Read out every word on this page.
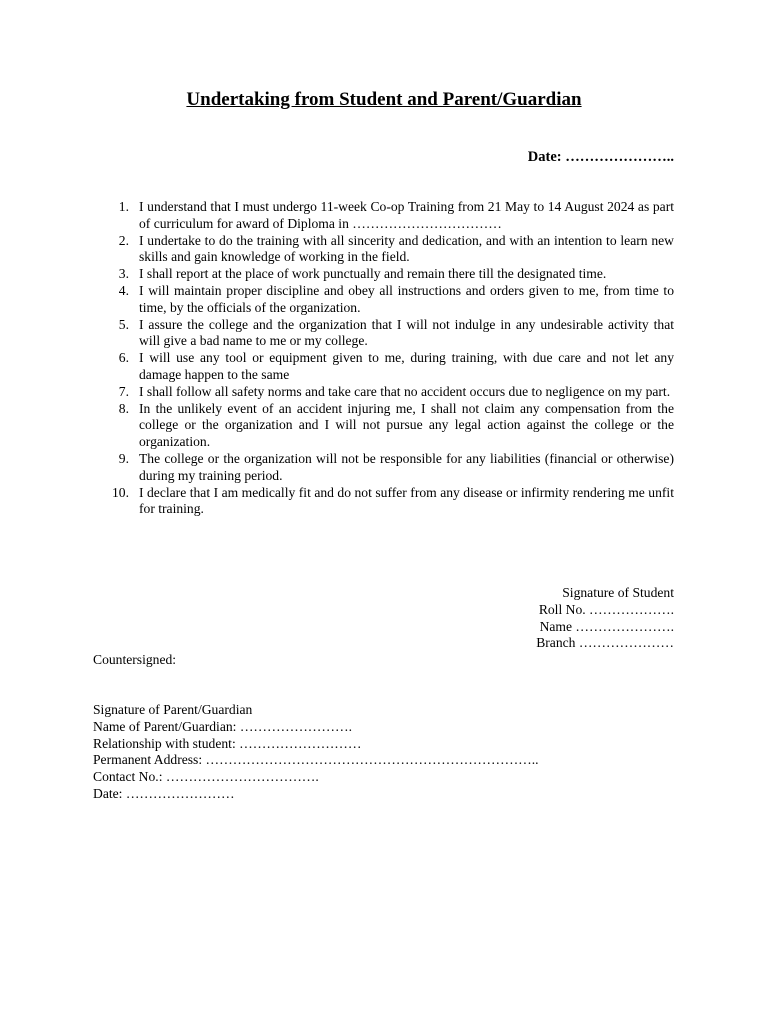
Undertaking from Student and Parent/Guardian
Date: …………………..
1. I understand that I must undergo 11-week Co-op Training from 21 May to 14 August 2024 as part of curriculum for award of Diploma in ……………………………
2. I undertake to do the training with all sincerity and dedication, and with an intention to learn new skills and gain knowledge of working in the field.
3. I shall report at the place of work punctually and remain there till the designated time.
4. I will maintain proper discipline and obey all instructions and orders given to me, from time to time, by the officials of the organization.
5. I assure the college and the organization that I will not indulge in any undesirable activity that will give a bad name to me or my college.
6. I will use any tool or equipment given to me, during training, with due care and not let any damage happen to the same
7. I shall follow all safety norms and take care that no accident occurs due to negligence on my part.
8. In the unlikely event of an accident injuring me, I shall not claim any compensation from the college or the organization and I will not pursue any legal action against the college or the organization.
9. The college or the organization will not be responsible for any liabilities (financial or otherwise) during my training period.
10. I declare that I am medically fit and do not suffer from any disease or infirmity rendering me unfit for training.
Signature of Student
Roll No. ……………….
Name ………………….
Branch …………………
Countersigned:
Signature of Parent/Guardian
Name of Parent/Guardian: …………………….
Relationship with student: ………………………
Permanent Address: ………………………………………………………………..
Contact No.: …………………………….
Date: ……………………
